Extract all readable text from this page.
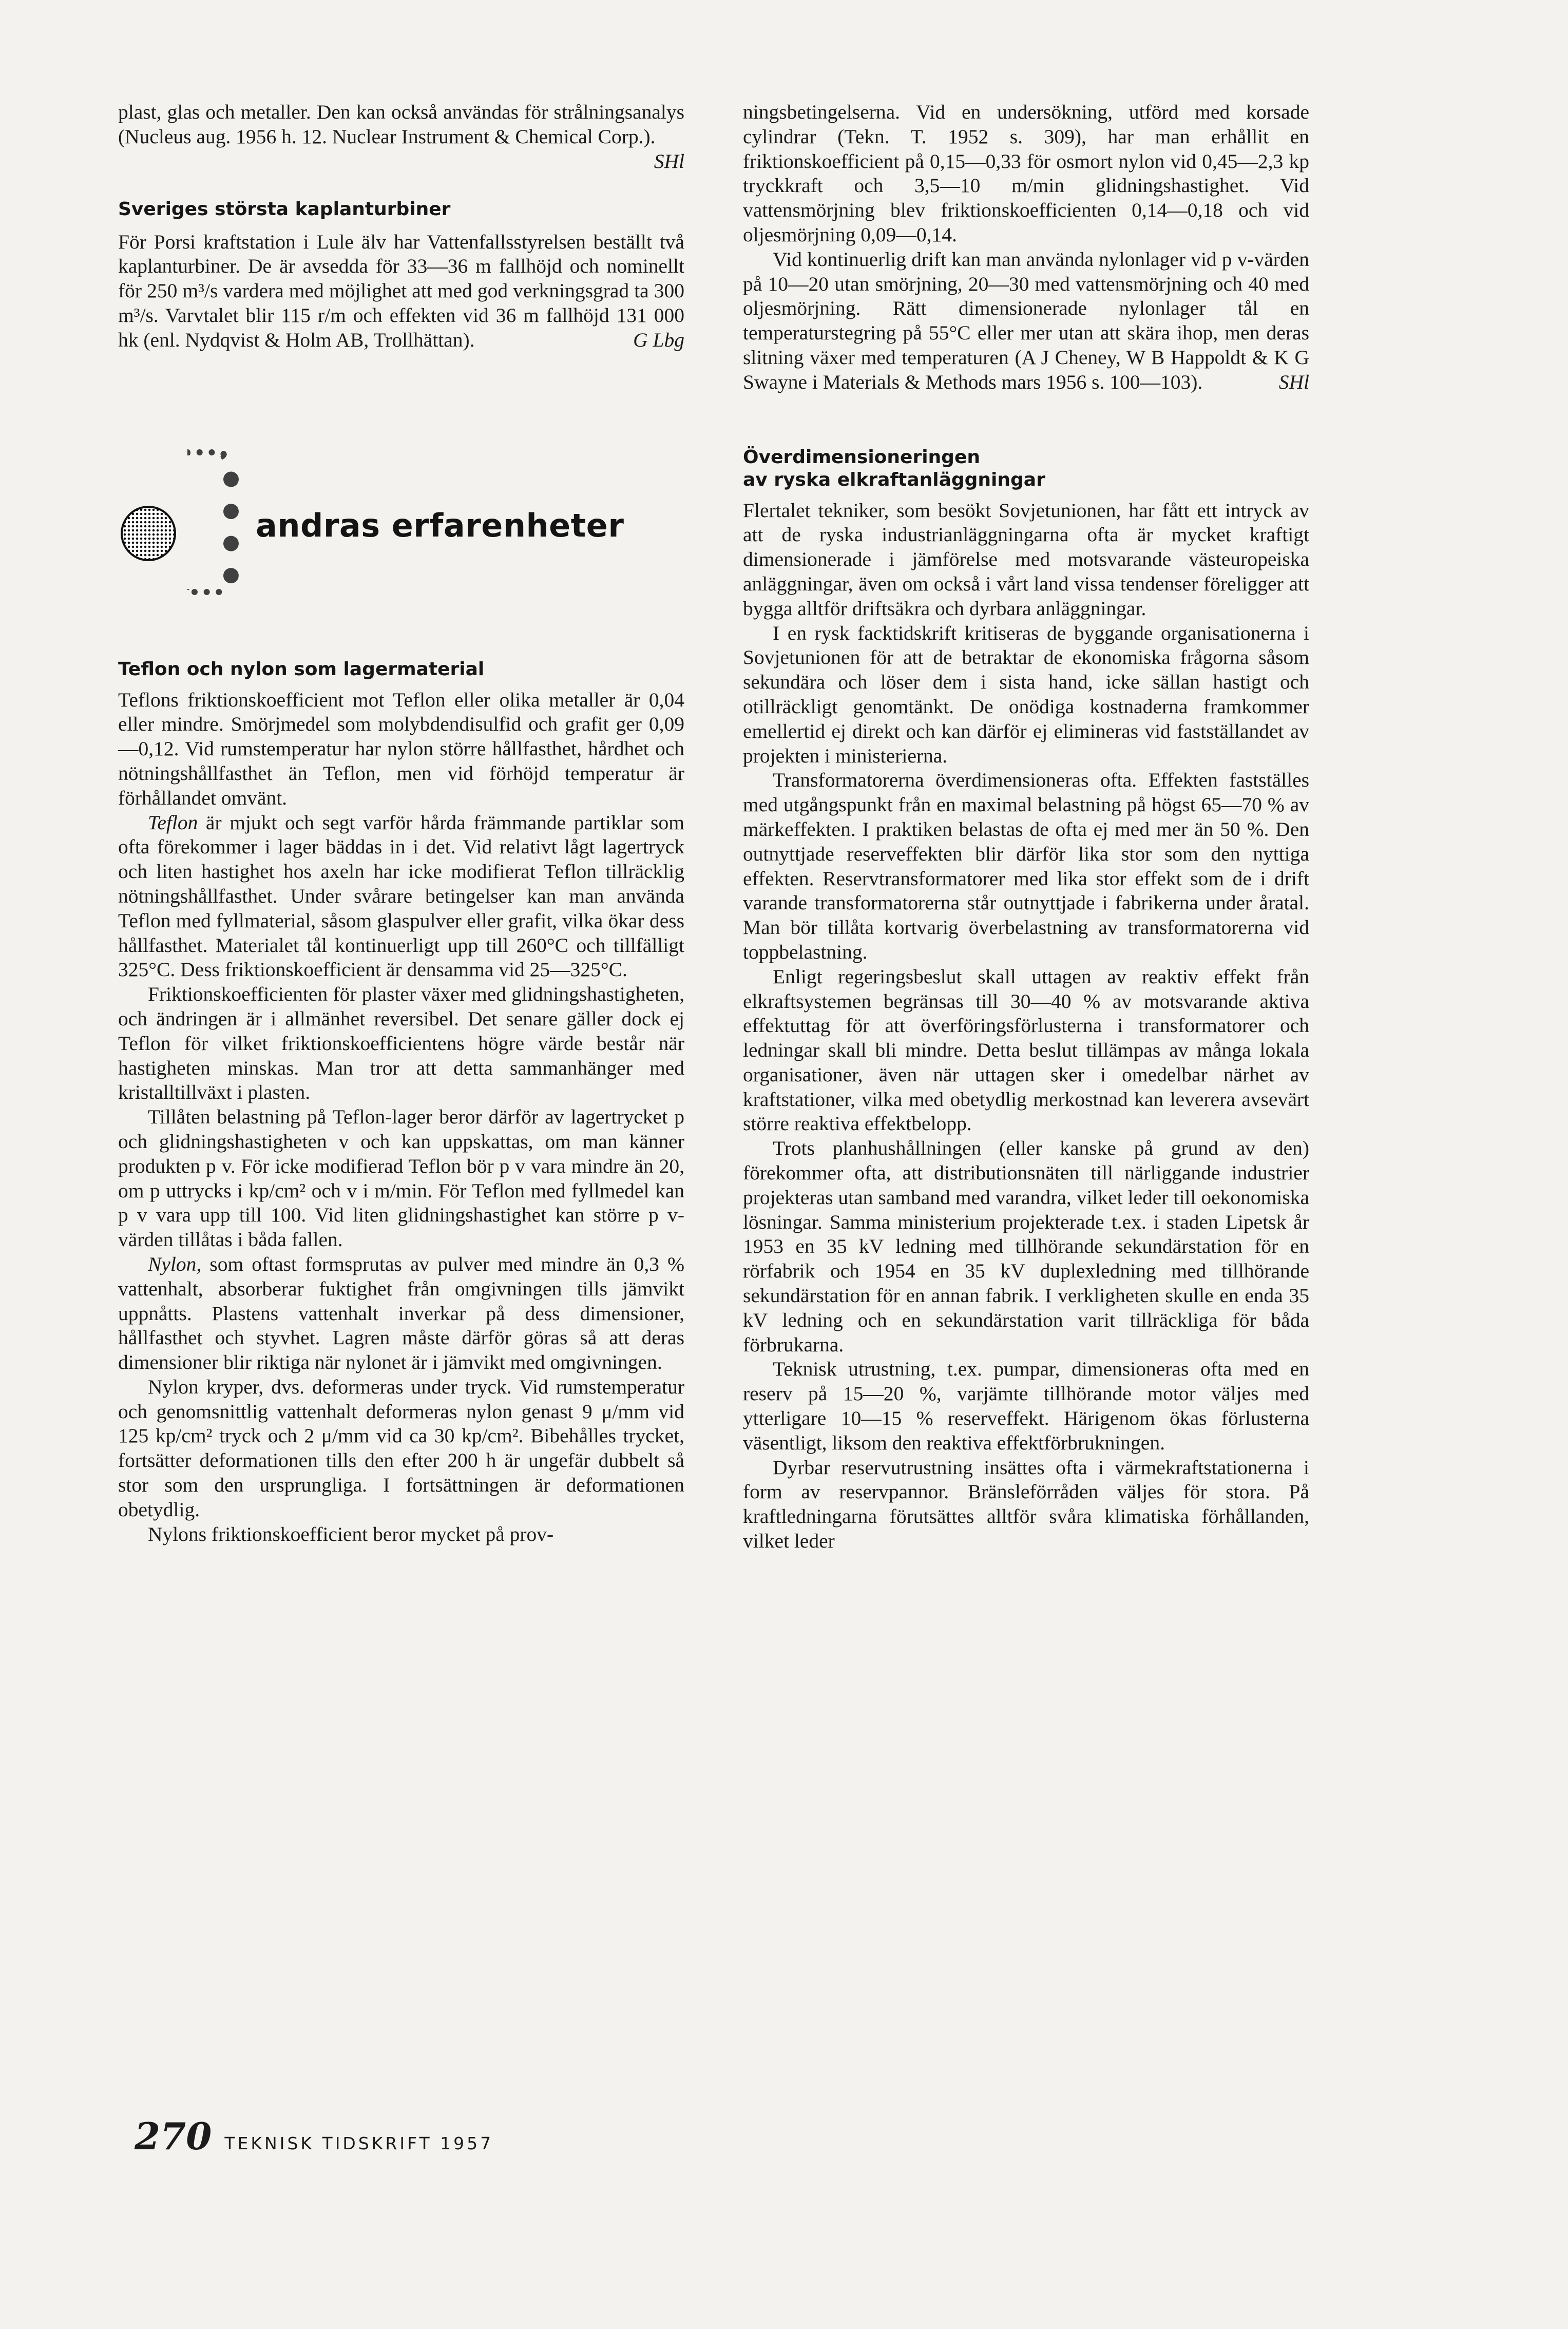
plast, glas och metaller. Den kan också användas för strålningsanalys (Nucleus aug. 1956 h. 12. Nuclear Instrument & Chemical Corp.).
SHl

Sveriges största kaplanturbiner

För Porsi kraftstation i Lule älv har Vattenfallsstyrelsen beställt två kaplanturbiner. De är avsedda för 33—36 m fallhöjd och nominellt för 250 m³/s vardera med möjlighet att med god verkningsgrad ta 300 m³/s. Varvtalet blir 115 r/m och effekten vid 36 m fallhöjd 131 000 hk (enl. Nydqvist & Holm AB, Trollhättan).	G Lbg

andras erfarenheter
Teflon och nylon som lagermaterial

Teflons friktionskoefficient mot Teflon eller olika metaller är 0,04 eller mindre. Smörjmedel som molybdendisulfid och grafit ger 0,09—0,12. Vid rumstemperatur har nylon större hållfasthet, hårdhet och nötningshållfasthet än Teflon, men vid förhöjd temperatur är förhållandet omvänt.

Teflon är mjukt och segt varför hårda främmande partiklar som ofta förekommer i lager bäddas in i det. Vid relativt lågt lagertryck och liten hastighet hos axeln har icke modifierat Teflon tillräcklig nötningshållfasthet. Under svårare betingelser kan man använda Teflon med fyllmaterial, såsom glaspulver eller grafit, vilka ökar dess hållfasthet. Materialet tål kontinuerligt upp till 260°C och tillfälligt 325°C. Dess friktionskoefficient är densamma vid 25—325°C.

Friktionskoefficienten för plaster växer med glidningshastigheten, och ändringen är i allmänhet reversibel. Det senare gäller dock ej Teflon för vilket friktionskoefficientens högre värde består när hastigheten minskas. Man tror att detta sammanhänger med kristalltillväxt i plasten.

Tillåten belastning på Teflon-lager beror därför av lagertrycket p och glidningshastigheten v och kan uppskattas, om man känner produkten p v. För icke modifierad Teflon bör p v vara mindre än 20, om p uttrycks i kp/cm² och v i m/min. För Teflon med fyllmedel kan p v vara upp till 100. Vid liten glidningshastighet kan större p v-värden tillåtas i båda fallen.

Nylon, som oftast formsprutas av pulver med mindre än 0,3 % vattenhalt, absorberar fuktighet från omgivningen tills jämvikt uppnåtts. Plastens vattenhalt inverkar på dess dimensioner, hållfasthet och styvhet. Lagren måste därför göras så att deras dimensioner blir riktiga när nylonet är i jämvikt med omgivningen.

Nylon kryper, dvs. deformeras under tryck. Vid rumstemperatur och genomsnittlig vattenhalt deformeras nylon genast 9 μ/mm vid 125 kp/cm² tryck och 2 μ/mm vid ca 30 kp/cm². Bibehålles trycket, fortsätter deformationen tills den efter 200 h är ungefär dubbelt så stor som den ursprungliga. I fortsättningen är deformationen obetydlig.

Nylons friktionskoefficient beror mycket på prov-

ningsbetingelserna. Vid en undersökning, utförd med korsade cylindrar (Tekn. T. 1952 s. 309), har man erhållit en friktionskoefficient på 0,15—0,33 för osmort nylon vid 0,45—2,3 kp tryckkraft och 3,5—10 m/min glidningshastighet. Vid vattensmörjning blev friktionskoefficienten 0,14—0,18 och vid oljesmörjning 0,09—0,14.

Vid kontinuerlig drift kan man använda nylonlager vid p v-värden på 10—20 utan smörjning, 20—30 med vattensmörjning och 40 med oljesmörjning. Rätt dimensionerade nylonlager tål en temperaturstegring på 55°C eller mer utan att skära ihop, men deras slitning växer med temperaturen (A J Cheney, W B Happoldt & K G Swayne i Materials & Methods mars 1956 s. 100—103).	SHl

Överdimensioneringen
av ryska elkraftanläggningar

Flertalet tekniker, som besökt Sovjetunionen, har fått ett intryck av att de ryska industrianläggningarna ofta är mycket kraftigt dimensionerade i jämförelse med motsvarande västeuropeiska anläggningar, även om också i vårt land vissa tendenser föreligger att bygga alltför driftsäkra och dyrbara anläggningar.

I en rysk facktidskrift kritiseras de byggande organisationerna i Sovjetunionen för att de betraktar de ekonomiska frågorna såsom sekundära och löser dem i sista hand, icke sällan hastigt och otillräckligt genomtänkt. De onödiga kostnaderna framkommer emellertid ej direkt och kan därför ej elimineras vid fastställandet av projekten i ministerierna.

Transformatorerna överdimensioneras ofta. Effekten fastställes med utgångspunkt från en maximal belastning på högst 65—70 % av märkeffekten. I praktiken belastas de ofta ej med mer än 50 %. Den outnyttjade reserveffekten blir därför lika stor som den nyttiga effekten. Reservtransformatorer med lika stor effekt som de i drift varande transformatorerna står outnyttjade i fabrikerna under åratal. Man bör tillåta kortvarig överbelastning av transformatorerna vid toppbelastning.

Enligt regeringsbeslut skall uttagen av reaktiv effekt från elkraftsystemen begränsas till 30—40 % av motsvarande aktiva effektuttag för att överföringsförlusterna i transformatorer och ledningar skall bli mindre. Detta beslut tillämpas av många lokala organisationer, även när uttagen sker i omedelbar närhet av kraftstationer, vilka med obetydlig merkostnad kan leverera avsevärt större reaktiva effektbelopp.

Trots planhushållningen (eller kanske på grund av den) förekommer ofta, att distributionsnäten till närliggande industrier projekteras utan samband med varandra, vilket leder till oekonomiska lösningar. Samma ministerium projekterade t.ex. i staden Lipetsk år 1953 en 35 kV ledning med tillhörande sekundärstation för en rörfabrik och 1954 en 35 kV duplexledning med tillhörande sekundärstation för en annan fabrik. I verkligheten skulle en enda 35 kV ledning och en sekundärstation varit tillräckliga för båda förbrukarna.

Teknisk utrustning, t.ex. pumpar, dimensioneras ofta med en reserv på 15—20 %, varjämte tillhörande motor väljes med ytterligare 10—15 % reserveffekt. Härigenom ökas förlusterna väsentligt, liksom den reaktiva effektförbrukningen.

Dyrbar reservutrustning insättes ofta i värmekraftstationerna i form av reservpannor. Bränsleförråden väljes för stora. På kraftledningarna förutsättes alltför svåra klimatiska förhållanden, vilket leder

270 TEKNISK TIDSKRIFT 1957
